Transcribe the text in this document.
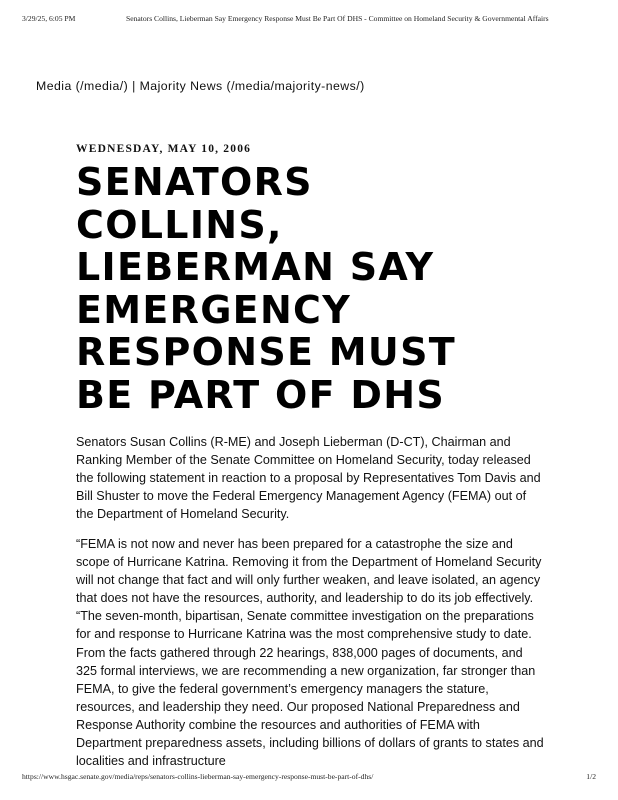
3/29/25, 6:05 PM	Senators Collins, Lieberman Say Emergency Response Must Be Part Of DHS - Committee on Homeland Security & Governmental Affairs
Media (/media/) | Majority News (/media/majority-news/)
WEDNESDAY, MAY 10, 2006
SENATORS
COLLINS,
LIEBERMAN SAY
EMERGENCY
RESPONSE MUST
BE PART OF DHS

Senators Susan Collins (R-ME) and Joseph Lieberman (D-CT), Chairman and Ranking Member of the Senate Committee on Homeland Security, today released the following statement in reaction to a proposal by Representatives Tom Davis and Bill Shuster to move the Federal Emergency Management Agency (FEMA) out of the Department of Homeland Security.

“FEMA is not now and never has been prepared for a catastrophe the size and scope of Hurricane Katrina. Removing it from the Department of Homeland Security will not change that fact and will only further weaken, and leave isolated, an agency that does not have the resources, authority, and leadership to do its job effectively. “The seven-month, bipartisan, Senate committee investigation on the preparations for and response to Hurricane Katrina was the most comprehensive study to date. From the facts gathered through 22 hearings, 838,000 pages of documents, and 325 formal interviews, we are recommending a new organization, far stronger than FEMA, to give the federal government’s emergency managers the stature, resources, and leadership they need. Our proposed National Preparedness and Response Authority combine the resources and authorities of FEMA with Department preparedness assets, including billions of dollars of grants to states and localities and infrastructure

https://www.hsgac.senate.gov/media/reps/senators-collins-lieberman-say-emergency-response-must-be-part-of-dhs/	1/2
